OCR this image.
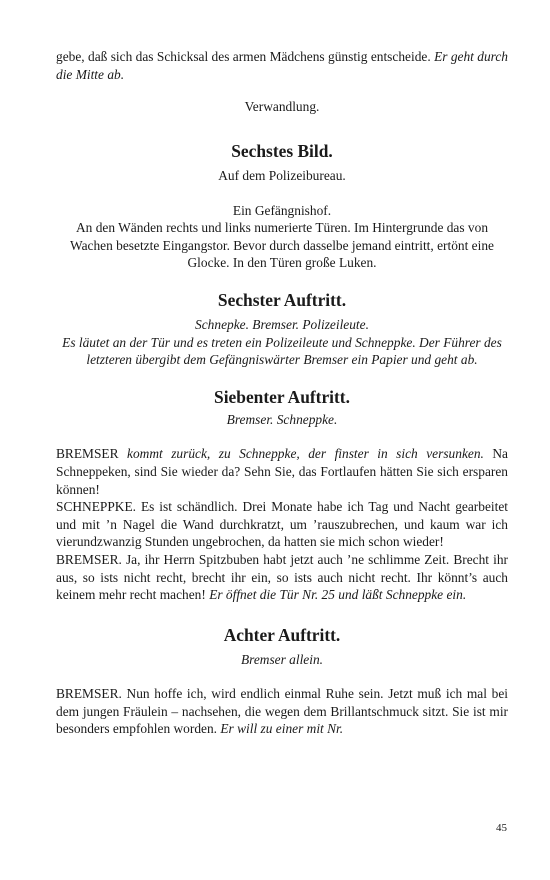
gebe, daß sich das Schicksal des armen Mädchens günstig entscheide. Er geht durch die Mitte ab.

Verwandlung.

Sechstes Bild.

Auf dem Polizeibureau.

Ein Gefängnishof.

An den Wänden rechts und links numerierte Türen. Im Hintergrunde das von Wachen besetzte Eingangstor. Bevor durch dasselbe jemand eintritt, ertönt eine Glocke. In den Türen große Luken.

Sechster Auftritt.

Schnepke. Bremser. Polizeileute.

Es läutet an der Tür und es treten ein Polizeileute und Schneppke. Der Führer des letzteren übergibt dem Gefängniswärter Bremser ein Papier und geht ab.

Siebenter Auftritt.

Bremser. Schneppke.

BREMSER kommt zurück, zu Schneppke, der finster in sich versunken. Na Schneppeken, sind Sie wieder da? Sehn Sie, das Fortlaufen hätten Sie sich ersparen können!

SCHNEPPKE. Es ist schändlich. Drei Monate habe ich Tag und Nacht gearbeitet und mit ’n Nagel die Wand durchkratzt, um ’rauszubrechen, und kaum war ich vierundzwanzig Stunden ungebrochen, da hatten sie mich schon wieder!

BREMSER. Ja, ihr Herrn Spitzbuben habt jetzt auch ’ne schlimme Zeit. Brecht ihr aus, so ists nicht recht, brecht ihr ein, so ists auch nicht recht. Ihr könnt’s auch keinem mehr recht machen! Er öffnet die Tür Nr. 25 und läßt Schneppke ein.

Achter Auftritt.

Bremser allein.

BREMSER. Nun hoffe ich, wird endlich einmal Ruhe sein. Jetzt muß ich mal bei dem jungen Fräulein – nachsehen, die wegen dem Brillantschmuck sitzt. Sie ist mir besonders empfohlen worden. Er will zu einer mit Nr.

45
